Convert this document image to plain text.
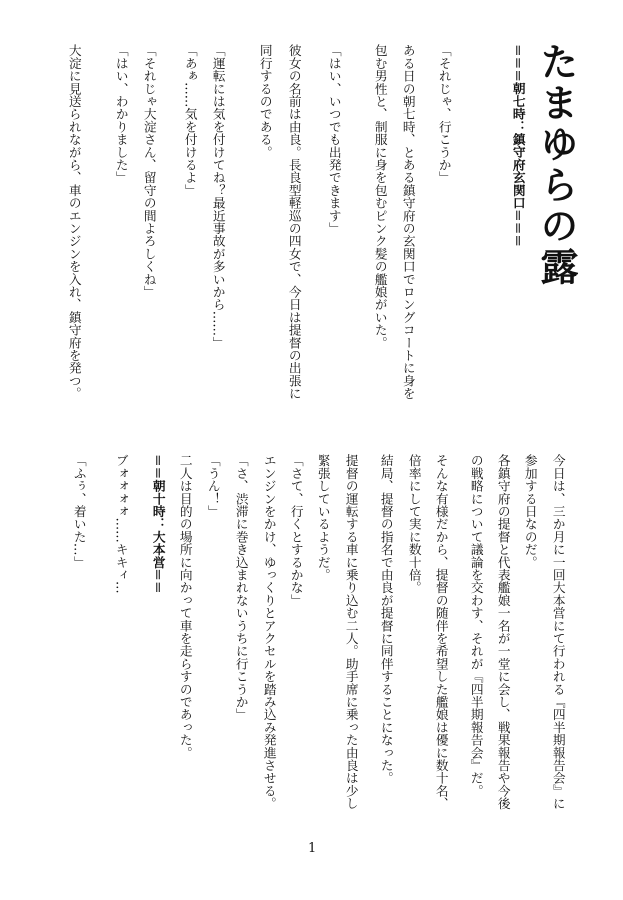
たまゆらの露
＝＝＝朝七時：鎮守府玄関口＝＝＝
「それじゃ、行こうか」
ある日の朝七時、とある鎮守府の玄関口でロングコートに身を
包む男性と、制服に身を包むピンク髪の艦娘がいた。
「はい、いつでも出発できます」
彼女の名前は由良。長良型軽巡の四女で、今日は提督の出張に
同行するのである。
「運転には気を付けてね？最近事故が多いから……」
「あぁ……気を付けるよ」
「それじゃ大淀さん、留守の間よろしくね」
「はい、わかりました」
大淀に見送られながら、車のエンジンを入れ、鎮守府を発つ。
今日は、三か月に一回大本営にて行われる『四半期報告会』に
参加する日なのだ。
各鎮守府の提督と代表艦娘一名が一堂に会し、戦果報告や今後
の戦略について議論を交わす、それが『四半期報告会』だ。
そんな有様だから、提督の随伴を希望した艦娘は優に数十名、
倍率にして実に数十倍。
結局、提督の指名で由良が提督に同伴することになった。
提督の運転する車に乗り込む二人。助手席に乗った由良は少し
緊張しているようだ。
「さて、行くとするかな」
エンジンをかけ、ゆっくりとアクセルを踏み込み発進させる。
「さ、渋滞に巻き込まれないうちに行こうか」
「うん！」
二人は目的の場所に向かって車を走らすのであった。
＝＝朝十時：大本営＝＝
ブォォォォ……キキィ…
「ふぅ、着いた…」
1
